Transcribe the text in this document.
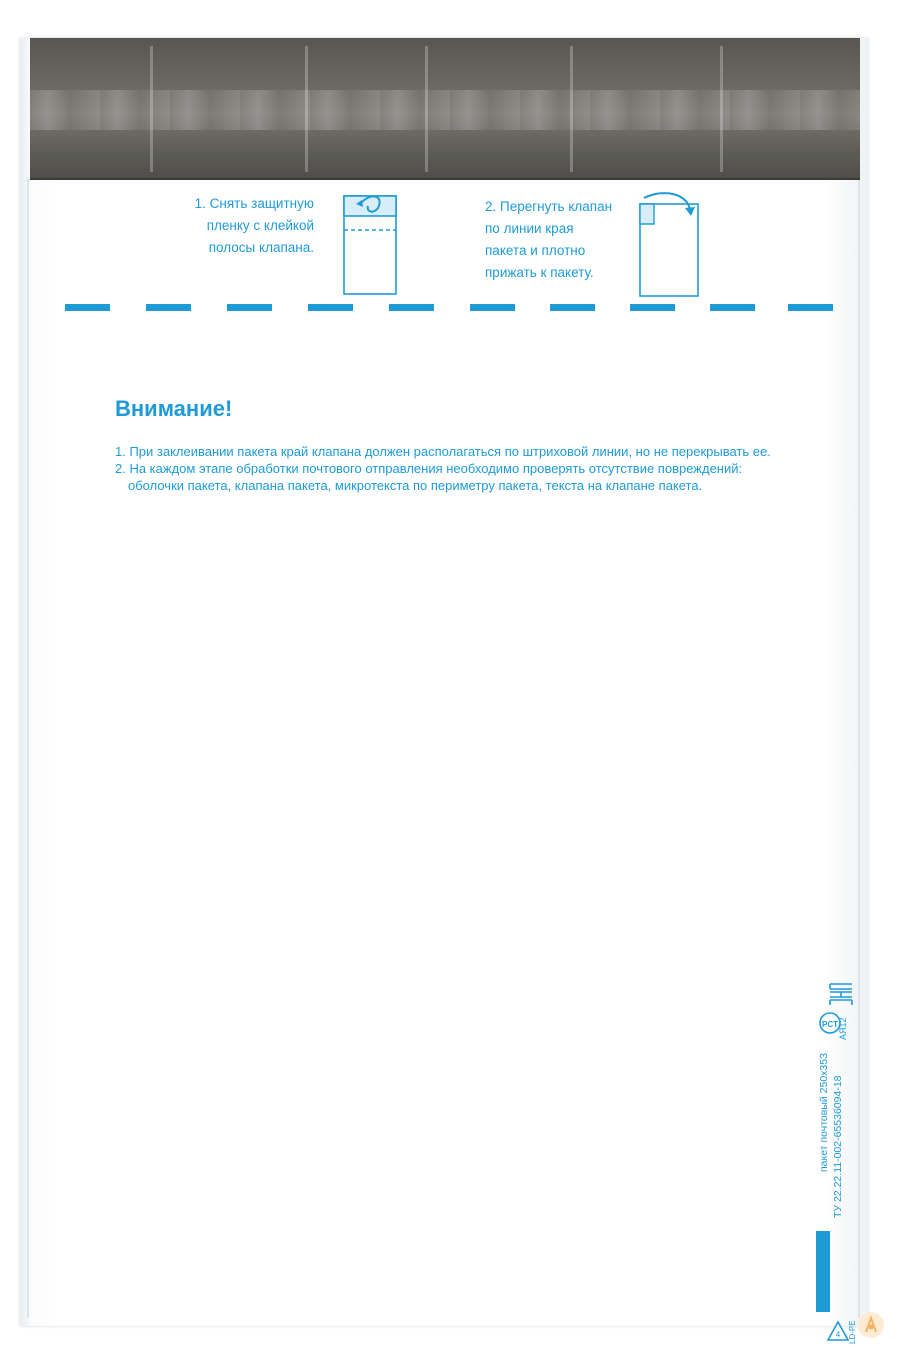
1. Снять защитную
пленку с клейкой
полосы клапана.
2. Перегнуть клапан
по линии края
пакета и плотно
прижать к пакету.
Внимание!
1. При заклеивании пакета край клапана должен располагаться по штриховой линии, но не перекрывать ее.
2. На каждом этапе обработки почтового отправления необходимо проверять отсутствие повреждений:
оболочки пакета, клапана пакета, микротекста по периметру пакета, текста на клапане пакета.
АЯ12
PCT
пакет почтовый 250х353 ТУ 22.22.11-002-65536094-18
4 LD-PE
